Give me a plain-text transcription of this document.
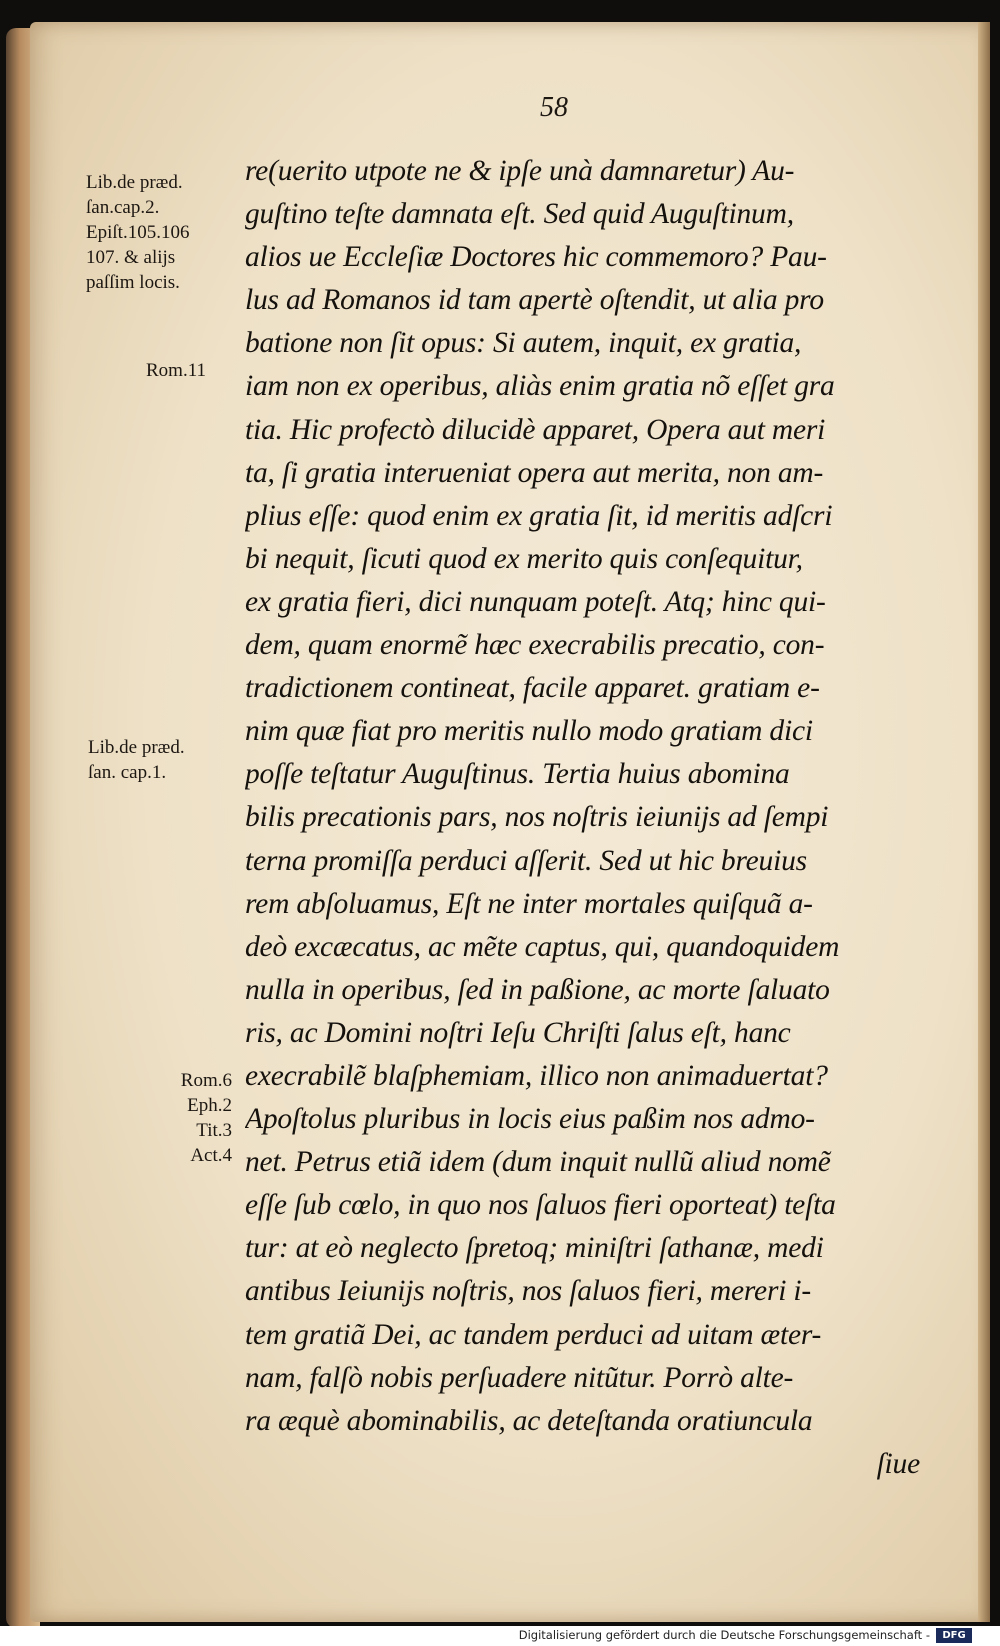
58
Lib.de præd.
ſan.cap.2.
Epiſt.105.106
107. & alijs
paſſim locis.
Rom.11
Lib.de præd.
ſan. cap.1.
Rom.6
Eph.2
Tit.3
Act.4
re(uerito utpote ne & ipſe unà damnaretur) Au-
guſtino teſte damnata eſt. Sed quid Auguſtinum,
alios ue Eccleſiæ Doctores hic commemoro? Pau-
lus ad Romanos id tam apertè oſtendit, ut alia pro
batione non ſit opus: Si autem, inquit, ex gratia,
iam non ex operibus, aliàs enim gratia nõ eſſet gra
tia. Hic profectò dilucidè apparet, Opera aut meri
ta, ſi gratia interueniat opera aut merita, non am-
plius eſſe: quod enim ex gratia ſit, id meritis adſcri
bi nequit, ſicuti quod ex merito quis conſequitur,
ex gratia fieri, dici nunquam poteſt. Atq; hinc qui-
dem, quam enormẽ hæc execrabilis precatio, con-
tradictionem contineat, facile apparet. gratiam e-
nim quæ fiat pro meritis nullo modo gratiam dici
poſſe teſtatur Auguſtinus. Tertia huius abomina
bilis precationis pars, nos noſtris ieiunijs ad ſempi
terna promiſſa perduci aſſerit. Sed ut hic breuius
rem abſoluamus, Eſt ne inter mortales quiſquã a-
deò excæcatus, ac mẽte captus, qui, quandoquidem
nulla in operibus, ſed in paßione, ac morte ſaluato
ris, ac Domini noſtri Ieſu Chriſti ſalus eſt, hanc
execrabilẽ blaſphemiam, illico non animaduertat?
Apoſtolus pluribus in locis eius paßim nos admo-
net. Petrus etiã idem (dum inquit nullũ aliud nomẽ
eſſe ſub cœlo, in quo nos ſaluos fieri oporteat) teſta
tur: at eò neglecto ſpretoq; miniſtri ſathanæ, medi
antibus Ieiunijs noſtris, nos ſaluos fieri, mereri i-
tem gratiã Dei, ac tandem perduci ad uitam æter-
nam, falſò nobis perſuadere nitũtur. Porrò alte-
ra æquè abominabilis, ac deteſtanda oratiuncula
ſiue
Digitalisierung gefördert durch die Deutsche Forschungsgemeinschaft -	DFG
